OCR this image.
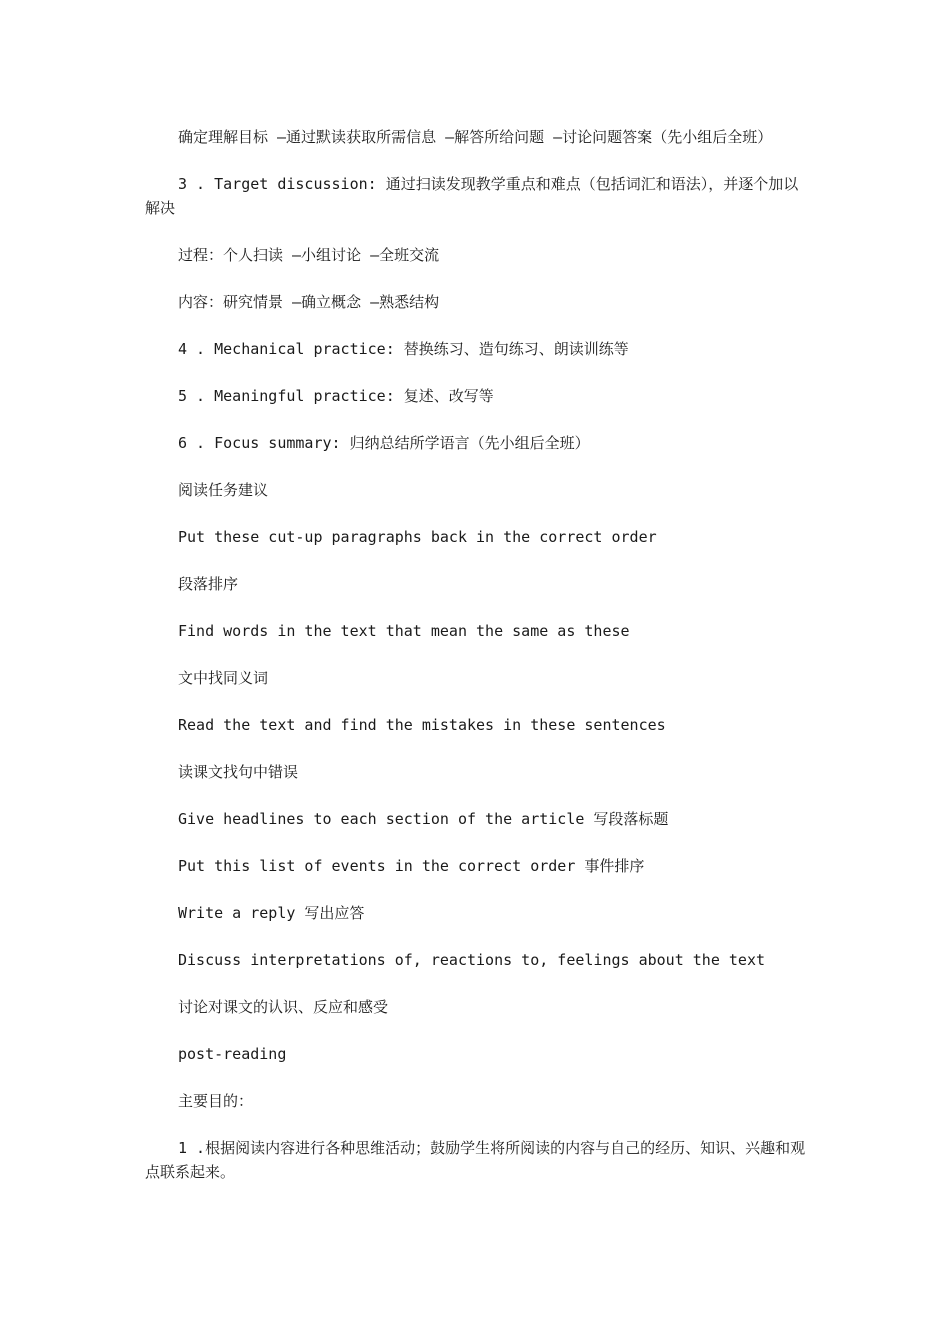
确定理解目标 —通过默读获取所需信息 —解答所给问题 —讨论问题答案（先小组后全班）

3 . Target discussion: 通过扫读发现教学重点和难点（包括词汇和语法），并逐个加以解决

过程：个人扫读 —小组讨论 —全班交流

内容：研究情景 —确立概念 —熟悉结构

4 . Mechanical practice: 替换练习、造句练习、朗读训练等

5 . Meaningful practice: 复述、改写等

6 . Focus summary: 归纳总结所学语言（先小组后全班）

阅读任务建议

Put these cut-up paragraphs back in the correct order

段落排序

Find words in the text that mean the same as these

文中找同义词

Read the text and find the mistakes in these sentences

读课文找句中错误

Give headlines to each section of the article 写段落标题

Put this list of events in the correct order 事件排序

Write a reply 写出应答

Discuss interpretations of, reactions to, feelings about the text

讨论对课文的认识、反应和感受

post-reading

主要目的：

1 .根据阅读内容进行各种思维活动；鼓励学生将所阅读的内容与自己的经历、知识、兴趣和观点联系起来。
